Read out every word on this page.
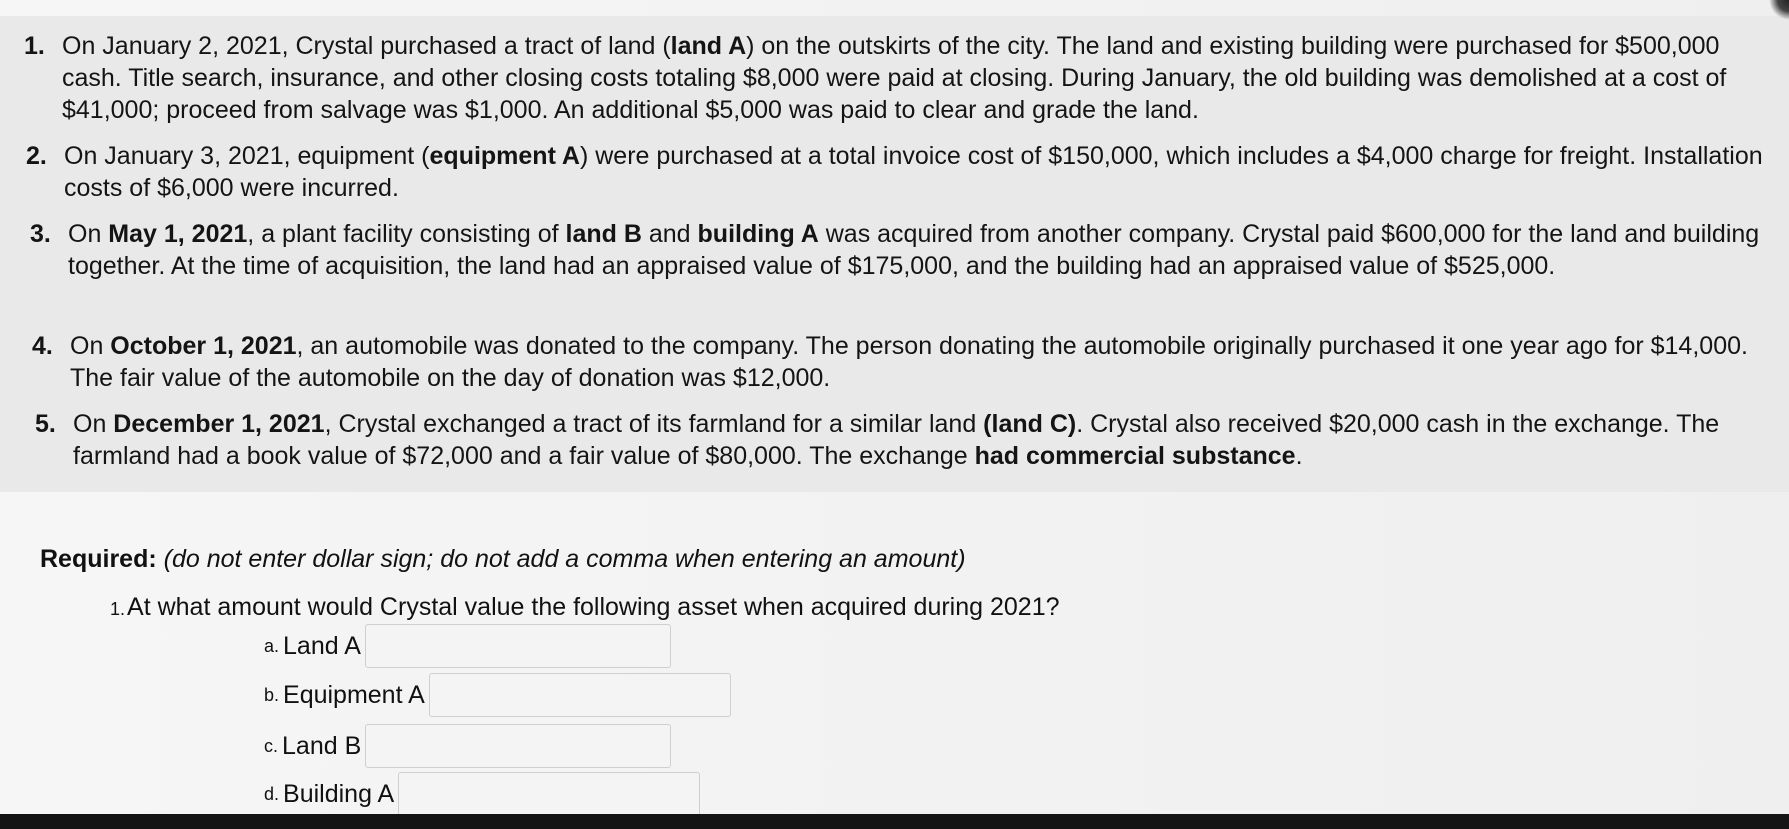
1. On January 2, 2021, Crystal purchased a tract of land (land A) on the outskirts of the city. The land and existing building were purchased for $500,000 cash. Title search, insurance, and other closing costs totaling $8,000 were paid at closing. During January, the old building was demolished at a cost of $41,000; proceed from salvage was $1,000. An additional $5,000 was paid to clear and grade the land.
2. On January 3, 2021, equipment (equipment A) were purchased at a total invoice cost of $150,000, which includes a $4,000 charge for freight. Installation costs of $6,000 were incurred.
3. On May 1, 2021, a plant facility consisting of land B and building A was acquired from another company. Crystal paid $600,000 for the land and building together. At the time of acquisition, the land had an appraised value of $175,000, and the building had an appraised value of $525,000.
4. On October 1, 2021, an automobile was donated to the company. The person donating the automobile originally purchased it one year ago for $14,000. The fair value of the automobile on the day of donation was $12,000.
5. On December 1, 2021, Crystal exchanged a tract of its farmland for a similar land (land C). Crystal also received $20,000 cash in the exchange. The farmland had a book value of $72,000 and a fair value of $80,000. The exchange had commercial substance.
Required: (do not enter dollar sign; do not add a comma when entering an amount)
1.At what amount would Crystal value the following asset when acquired during 2021?
a. Land A
b. Equipment A
c. Land B
d. Building A
